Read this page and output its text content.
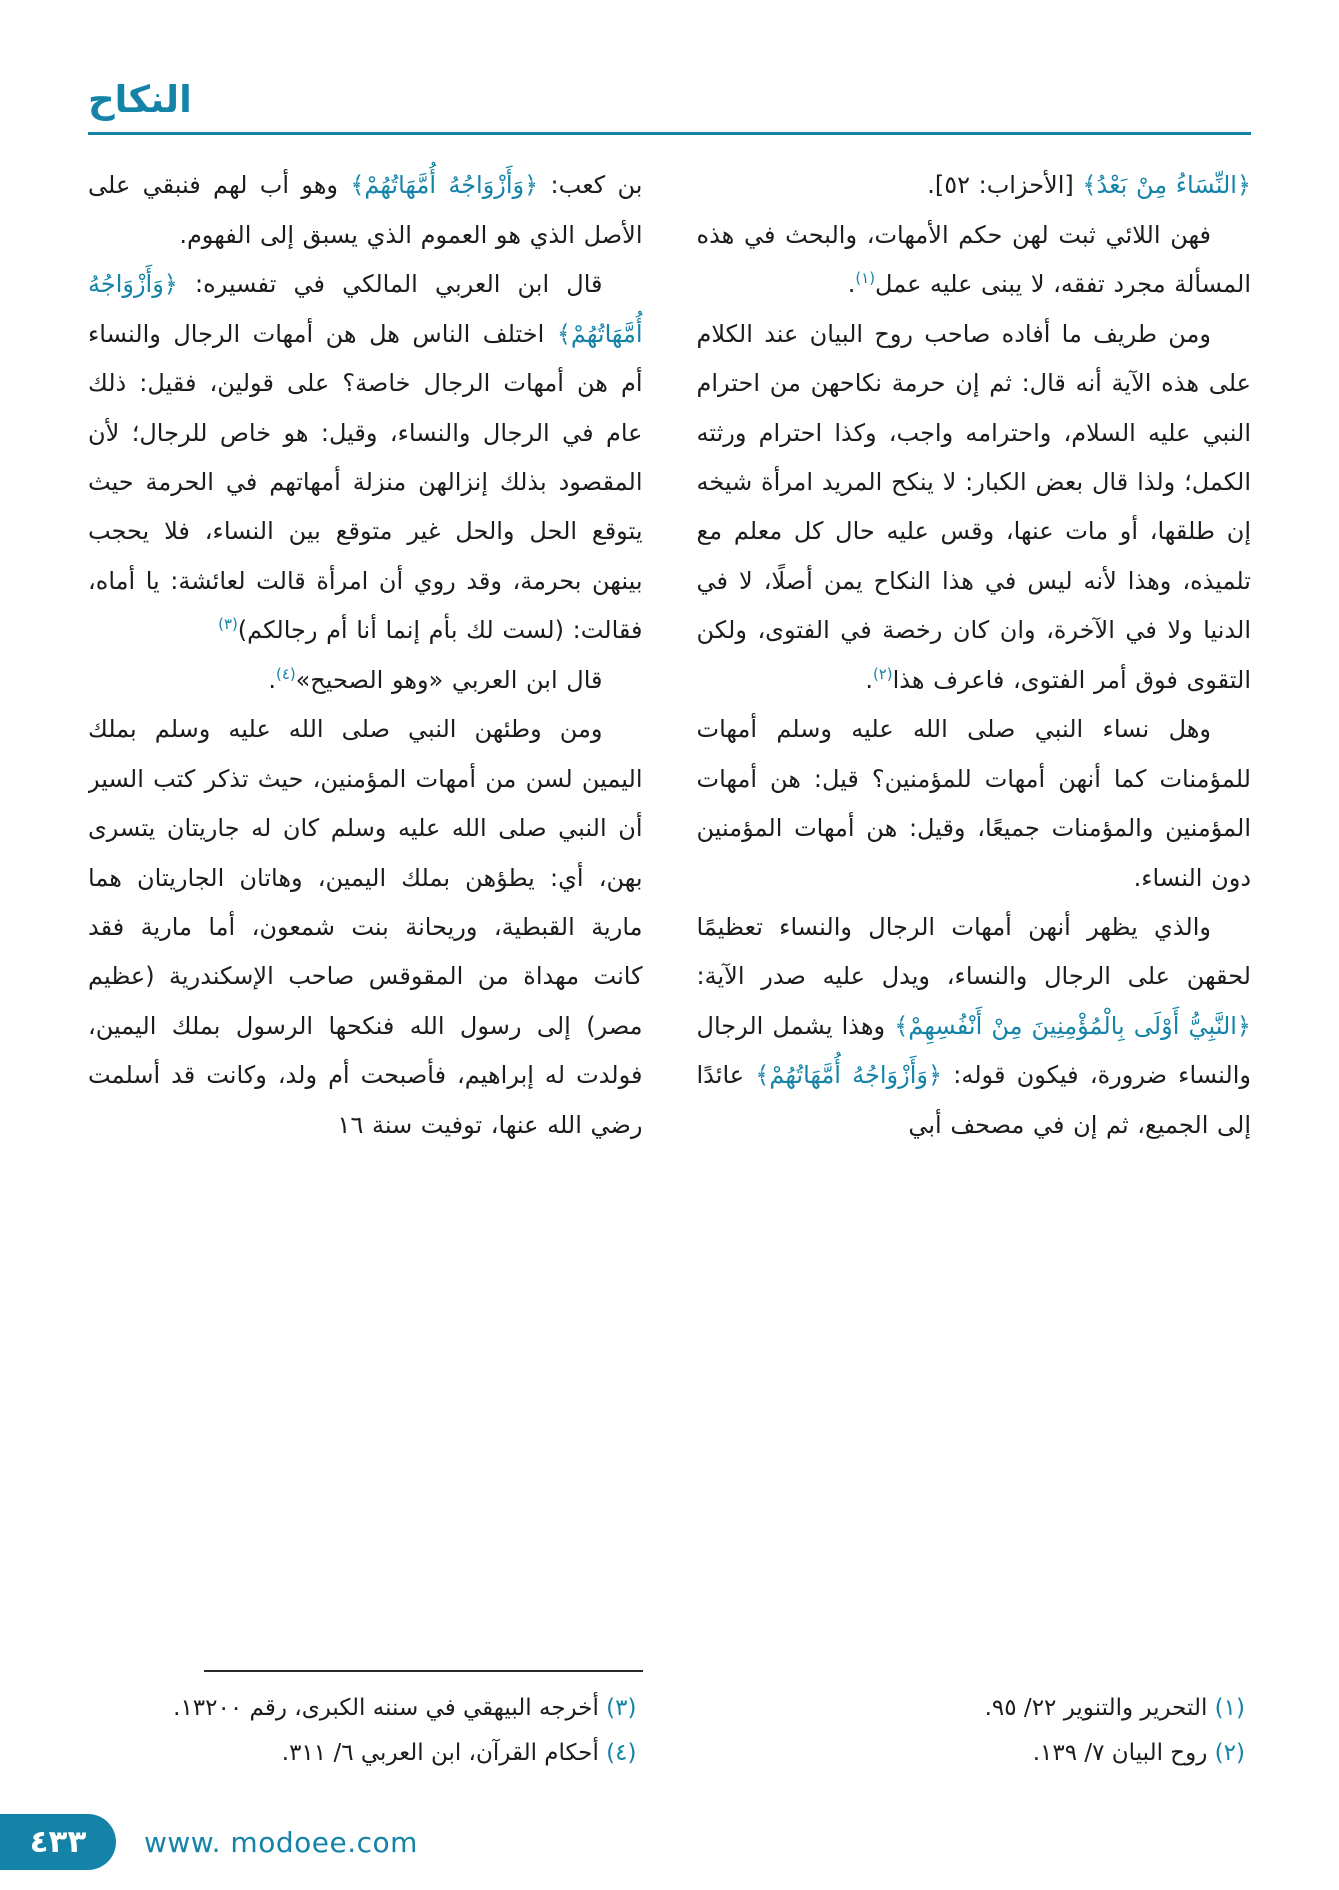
النكاح

﴿النِّسَاءُ مِنْ بَعْدُ﴾ [الأحزاب: ٥٢].

فهن اللائي ثبت لهن حكم الأمهات، والبحث في هذه المسألة مجرد تفقه، لا يبنى عليه عمل$^{(١)}$.

ومن طريف ما أفاده صاحب روح البيان عند الكلام على هذه الآية أنه قال: ثم إن حرمة نكاحهن من احترام النبي عليه السلام، واحترامه واجب، وكذا احترام ورثته الكمل؛ ولذا قال بعض الكبار: لا ينكح المريد امرأة شيخه إن طلقها، أو مات عنها، وقس عليه حال كل معلم مع تلميذه، وهذا لأنه ليس في هذا النكاح يمن أصلًا، لا في الدنيا ولا في الآخرة، وان كان رخصة في الفتوى، ولكن التقوى فوق أمر الفتوى، فاعرف هذا$^{(٢)}$.

وهل نساء النبي صلى الله عليه وسلم أمهات للمؤمنات كما أنهن أمهات للمؤمنين؟ قيل: هن أمهات المؤمنين والمؤمنات جميعًا، وقيل: هن أمهات المؤمنين دون النساء.

والذي يظهر أنهن أمهات الرجال والنساء تعظيمًا لحقهن على الرجال والنساء، ويدل عليه صدر الآية: ﴿النَّبِيُّ أَوْلَى بِالْمُؤْمِنِينَ مِنْ أَنْفُسِهِمْ﴾ وهذا يشمل الرجال والنساء ضرورة، فيكون قوله: ﴿وَأَزْوَاجُهُ أُمَّهَاتُهُمْ﴾ عائدًا إلى الجميع، ثم إن في مصحف أبي

(١) التحرير والتنوير ٢٢/ ٩٥.

(٢) روح البيان ٧/ ١٣٩.

بن كعب: ﴿وَأَزْوَاجُهُ أُمَّهَاتُهُمْ﴾ وهو أب لهم فنبقي على الأصل الذي هو العموم الذي يسبق إلى الفهوم.

قال ابن العربي المالكي في تفسيره: ﴿وَأَزْوَاجُهُ أُمَّهَاتُهُمْ﴾ اختلف الناس هل هن أمهات الرجال والنساء أم هن أمهات الرجال خاصة؟ على قولين، فقيل: ذلك عام في الرجال والنساء، وقيل: هو خاص للرجال؛ لأن المقصود بذلك إنزالهن منزلة أمهاتهم في الحرمة حيث يتوقع الحل والحل غير متوقع بين النساء، فلا يحجب بينهن بحرمة، وقد روي أن امرأة قالت لعائشة: يا أماه، فقالت: (لست لك بأم إنما أنا أم رجالكم)$^{(٣)}$

قال ابن العربي «وهو الصحيح»$^{(٤)}$.

ومن وطئهن النبي صلى الله عليه وسلم بملك اليمين لسن من أمهات المؤمنين، حيث تذكر كتب السير أن النبي صلى الله عليه وسلم كان له جاريتان يتسرى بهن، أي: يطؤهن بملك اليمين، وهاتان الجاريتان هما مارية القبطية، وريحانة بنت شمعون، أما مارية فقد كانت مهداة من المقوقس صاحب الإسكندرية (عظيم مصر) إلى رسول الله فنكحها الرسول بملك اليمين، فولدت له إبراهيم، فأصبحت أم ولد، وكانت قد أسلمت رضي الله عنها، توفيت سنة ١٦

(٣) أخرجه البيهقي في سننه الكبرى، رقم ١٣٢٠٠.

(٤) أحكام القرآن، ابن العربي ٦/ ٣١١.

٤٣٣ www. modoee.com
